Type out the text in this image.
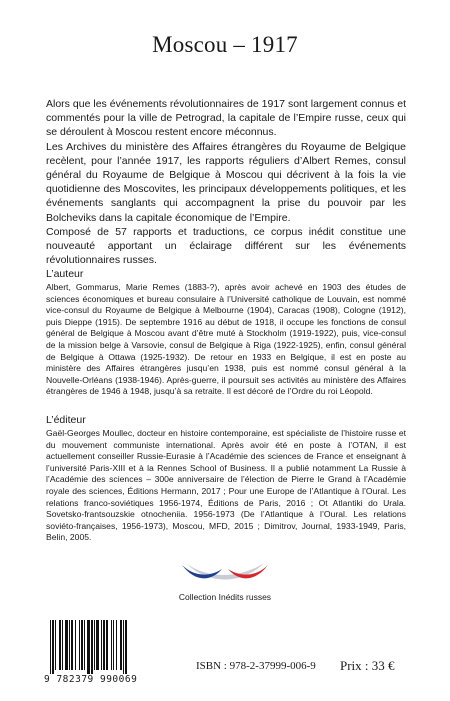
Moscou – 1917

Alors que les événements révolutionnaires de 1917 sont largement connus et commentés pour la ville de Petrograd, la capitale de l’Empire russe, ceux qui se déroulent à Moscou restent encore méconnus.

Les Archives du ministère des Affaires étrangères du Royaume de Belgique recèlent, pour l’année 1917, les rapports réguliers d’Albert Remes, consul général du Royaume de Belgique à Moscou qui décrivent à la fois la vie quotidienne des Moscovites, les principaux développements politiques, et les événements sanglants qui accompagnent la prise du pouvoir par les Bolcheviks dans la capitale économique de l’Empire.

Composé de 57 rapports et traductions, ce corpus inédit constitue une nouveauté apportant un éclairage différent sur les événements révolutionnaires russes.

L’auteur

Albert, Gommarus, Marie Remes (1883-?), après avoir achevé en 1903 des études de sciences économiques et bureau consulaire à l’Université catholique de Louvain, est nommé vice-consul du Royaume de Belgique à Melbourne (1904), Caracas (1908), Cologne (1912), puis Dieppe (1915). De septembre 1916 au début de 1918, il occupe les fonctions de consul général de Belgique à Moscou avant d’être muté à Stockholm (1919-1922), puis, vice-consul de la mission belge à Varsovie, consul de Belgique à Riga (1922-1925), enfin, consul général de Belgique à Ottawa (1925-1932). De retour en 1933 en Belgique, il est en poste au ministère des Affaires étrangères jusqu’en 1938, puis est nommé consul général à la Nouvelle-Orléans (1938-1946). Après-guerre, il poursuit ses activités au ministère des Affaires étrangères de 1946 à 1948, jusqu’à sa retraite. Il est décoré de l’Ordre du roi Léopold.

L’éditeur

Gaël-Georges Moullec, docteur en histoire contemporaine, est spécialiste de l’histoire russe et du mouvement communiste international. Après avoir été en poste à l’OTAN, il est actuellement conseiller Russie-Eurasie à l’Académie des sciences de France et enseignant à l’université Paris-XIII et à la Rennes School of Business. Il a publié notamment La Russie à l’Académie des sciences – 300e anniversaire de l’élection de Pierre le Grand à l’Académie royale des sciences, Éditions Hermann, 2017 ; Pour une Europe de l’Atlantique à l’Oural. Les relations franco-soviétiques 1956-1974, Éditions de Paris, 2016 ; Ot Atlantiki do Urala. Sovetsko-frantsouzskie otnocheniia. 1956-1973 (De l’Atlantique à l’Oural. Les relations soviéto-françaises, 1956-1973), Moscou, MFD, 2015 ; Dimitrov, Journal, 1933-1949, Paris, Belin, 2005.

Collection Inédits russes
9 782379 990069
ISBN : 978-2-37999-006-9 Prix : 33 €
